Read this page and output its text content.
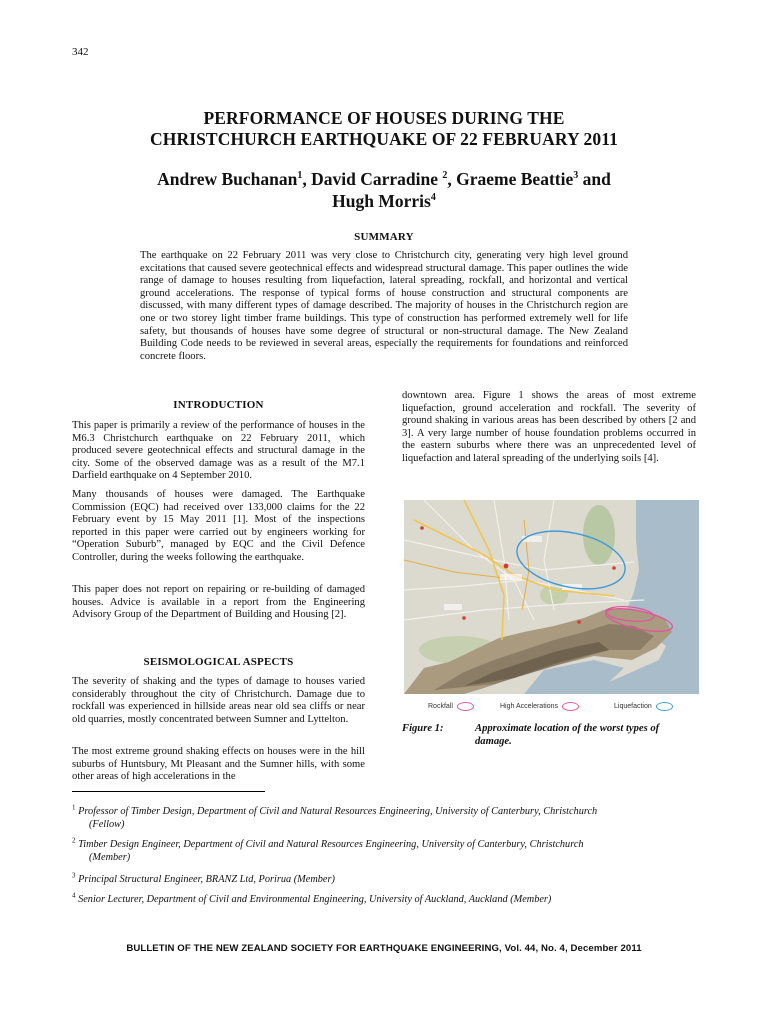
342
PERFORMANCE OF HOUSES DURING THE
CHRISTCHURCH EARTHQUAKE OF 22 FEBRUARY 2011
Andrew Buchanan$^1$, David Carradine $^2$, Graeme Beattie$^3$ and
Hugh Morris$^4$
SUMMARY
The earthquake on 22 February 2011 was very close to Christchurch city, generating very high level ground excitations that caused severe geotechnical effects and widespread structural damage. This paper outlines the wide range of damage to houses resulting from liquefaction, lateral spreading, rockfall, and horizontal and vertical ground accelerations. The response of typical forms of house construction and structural components are discussed, with many different types of damage described. The majority of houses in the Christchurch region are one or two storey light timber frame buildings. This type of construction has performed extremely well for life safety, but thousands of houses have some degree of structural or non-structural damage. The New Zealand Building Code needs to be reviewed in several areas, especially the requirements for foundations and reinforced concrete floors.
INTRODUCTION
This paper is primarily a review of the performance of houses in the M6.3 Christchurch earthquake on 22 February 2011, which produced severe geotechnical effects and structural damage in the city. Some of the observed damage was as a result of the M7.1 Darfield earthquake on 4 September 2010.
Many thousands of houses were damaged. The Earthquake Commission (EQC) had received over 133,000 claims for the 22 February event by 15 May 2011 [1]. Most of the inspections reported in this paper were carried out by engineers working for “Operation Suburb”, managed by EQC and the Civil Defence Controller, during the weeks following the earthquake.
This paper does not report on repairing or re-building of damaged houses. Advice is available in a report from the Engineering Advisory Group of the Department of Building and Housing [2].
SEISMOLOGICAL ASPECTS
The severity of shaking and the types of damage to houses varied considerably throughout the city of Christchurch. Damage due to rockfall was experienced in hillside areas near old sea cliffs or near old quarries, mostly concentrated between Sumner and Lyttelton.
The most extreme ground shaking effects on houses were in the hill suburbs of Huntsbury, Mt Pleasant and the Sumner hills, with some other areas of high accelerations in the
downtown area. Figure 1 shows the areas of most extreme liquefaction, ground acceleration and rockfall. The severity of ground shaking in various areas has been described by others [2 and 3]. A very large number of house foundation problems occurred in the eastern suburbs where there was an unprecedented level of liquefaction and lateral spreading of the underlying soils [4].
Rockfall	High Accelerations	Liquefaction
Figure 1:	Approximate location of the worst types of damage.
$^1$ Professor of Timber Design, Department of Civil and Natural Resources Engineering, University of Canterbury, Christchurch
(Fellow)
$^2$ Timber Design Engineer, Department of Civil and Natural Resources Engineering, University of Canterbury, Christchurch
(Member)
$^3$ Principal Structural Engineer, BRANZ Ltd, Porirua (Member)
$^4$ Senior Lecturer, Department of Civil and Environmental Engineering, University of Auckland, Auckland (Member)
BULLETIN OF THE NEW ZEALAND SOCIETY FOR EARTHQUAKE ENGINEERING, Vol. 44, No. 4, December 2011
